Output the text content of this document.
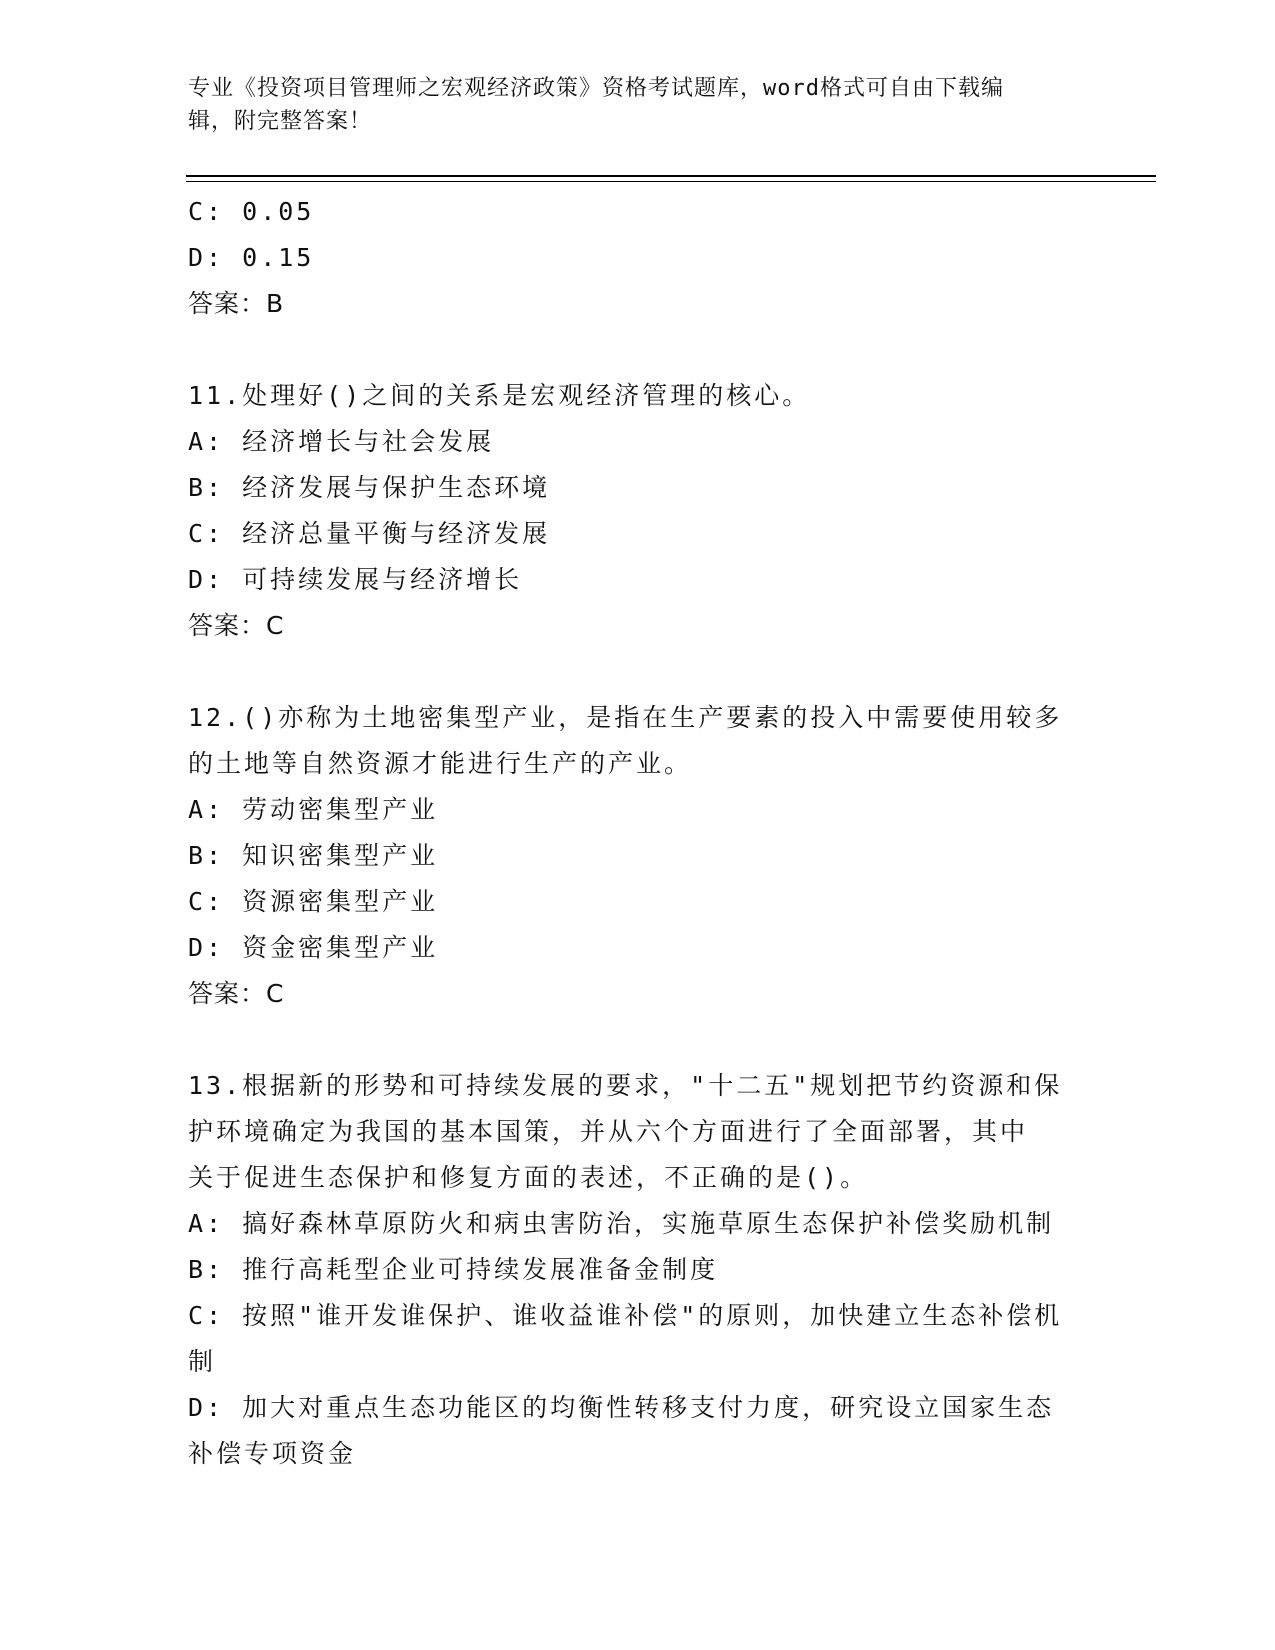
专业《投资项目管理师之宏观经济政策》资格考试题库，word格式可自由下载编
辑，附完整答案！
C: 0.05
D: 0.15
答案：B
11.处理好()之间的关系是宏观经济管理的核心。
A: 经济增长与社会发展
B: 经济发展与保护生态环境
C: 经济总量平衡与经济发展
D: 可持续发展与经济增长
答案：C
12.()亦称为土地密集型产业，是指在生产要素的投入中需要使用较多
的土地等自然资源才能进行生产的产业。
A: 劳动密集型产业
B: 知识密集型产业
C: 资源密集型产业
D: 资金密集型产业
答案：C
13.根据新的形势和可持续发展的要求，"十二五"规划把节约资源和保
护环境确定为我国的基本国策，并从六个方面进行了全面部署，其中
关于促进生态保护和修复方面的表述，不正确的是()。
A: 搞好森林草原防火和病虫害防治，实施草原生态保护补偿奖励机制
B: 推行高耗型企业可持续发展准备金制度
C: 按照"谁开发谁保护、谁收益谁补偿"的原则，加快建立生态补偿机
制
D: 加大对重点生态功能区的均衡性转移支付力度，研究设立国家生态
补偿专项资金
